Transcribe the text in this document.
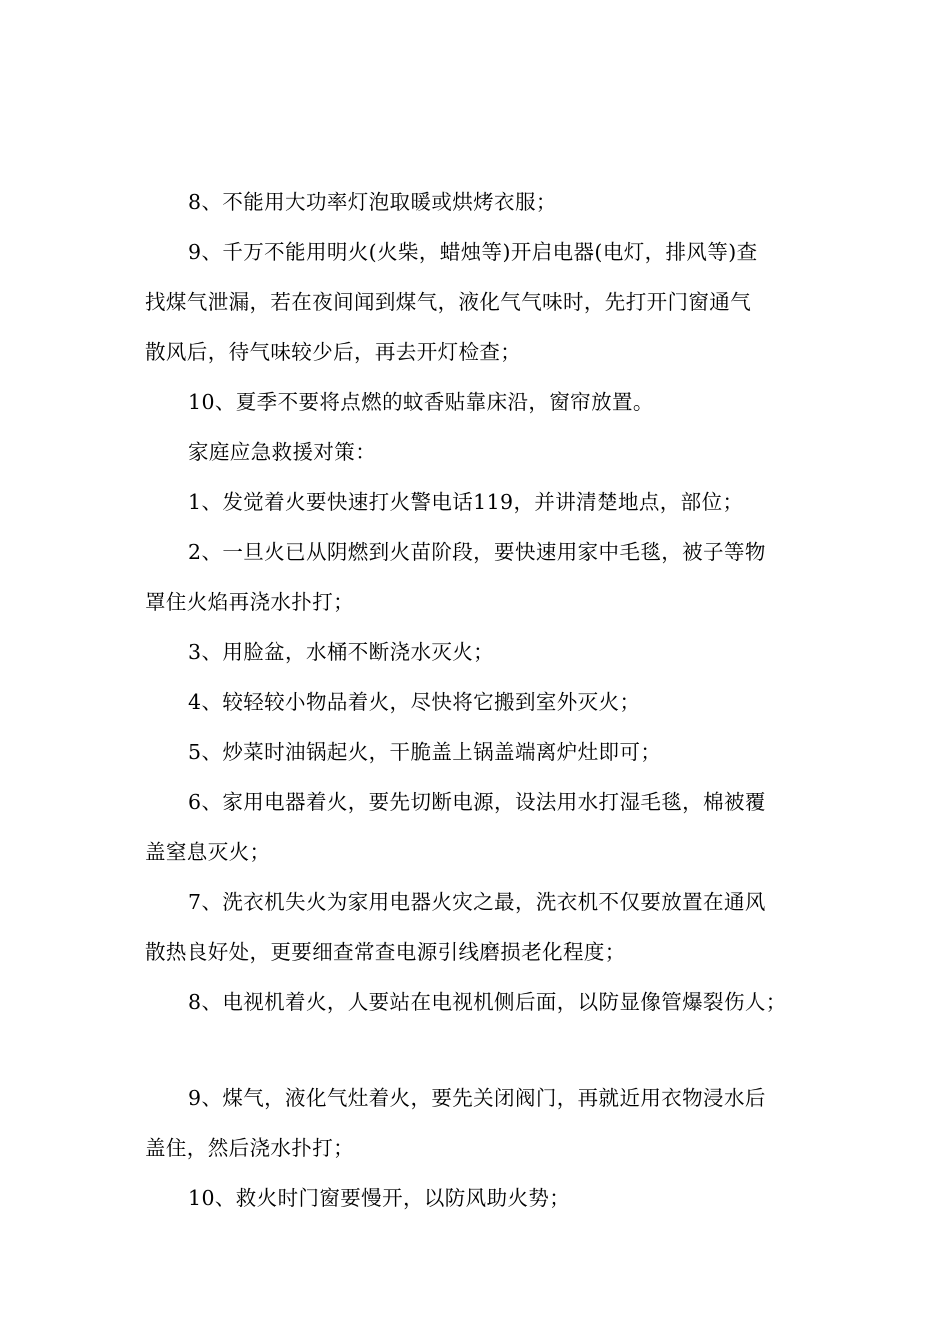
8、不能用大功率灯泡取暖或烘烤衣服；
9、千万不能用明火(火柴，蜡烛等)开启电器(电灯，排风等)查
找煤气泄漏，若在夜间闻到煤气，液化气气味时，先打开门窗通气
散风后，待气味较少后，再去开灯检查；
10、夏季不要将点燃的蚊香贴靠床沿，窗帘放置。
家庭应急救援对策：
1、发觉着火要快速打火警电话119，并讲清楚地点，部位；
2、一旦火已从阴燃到火苗阶段，要快速用家中毛毯，被子等物
罩住火焰再浇水扑打；
3、用脸盆，水桶不断浇水灭火；
4、较轻较小物品着火，尽快将它搬到室外灭火；
5、炒菜时油锅起火，干脆盖上锅盖端离炉灶即可；
6、家用电器着火，要先切断电源，设法用水打湿毛毯，棉被覆
盖窒息灭火；
7、洗衣机失火为家用电器火灾之最，洗衣机不仅要放置在通风
散热良好处，更要细查常查电源引线磨损老化程度；
8、电视机着火，人要站在电视机侧后面，以防显像管爆裂伤人；
9、煤气，液化气灶着火，要先关闭阀门，再就近用衣物浸水后
盖住，然后浇水扑打；
10、救火时门窗要慢开，以防风助火势；
